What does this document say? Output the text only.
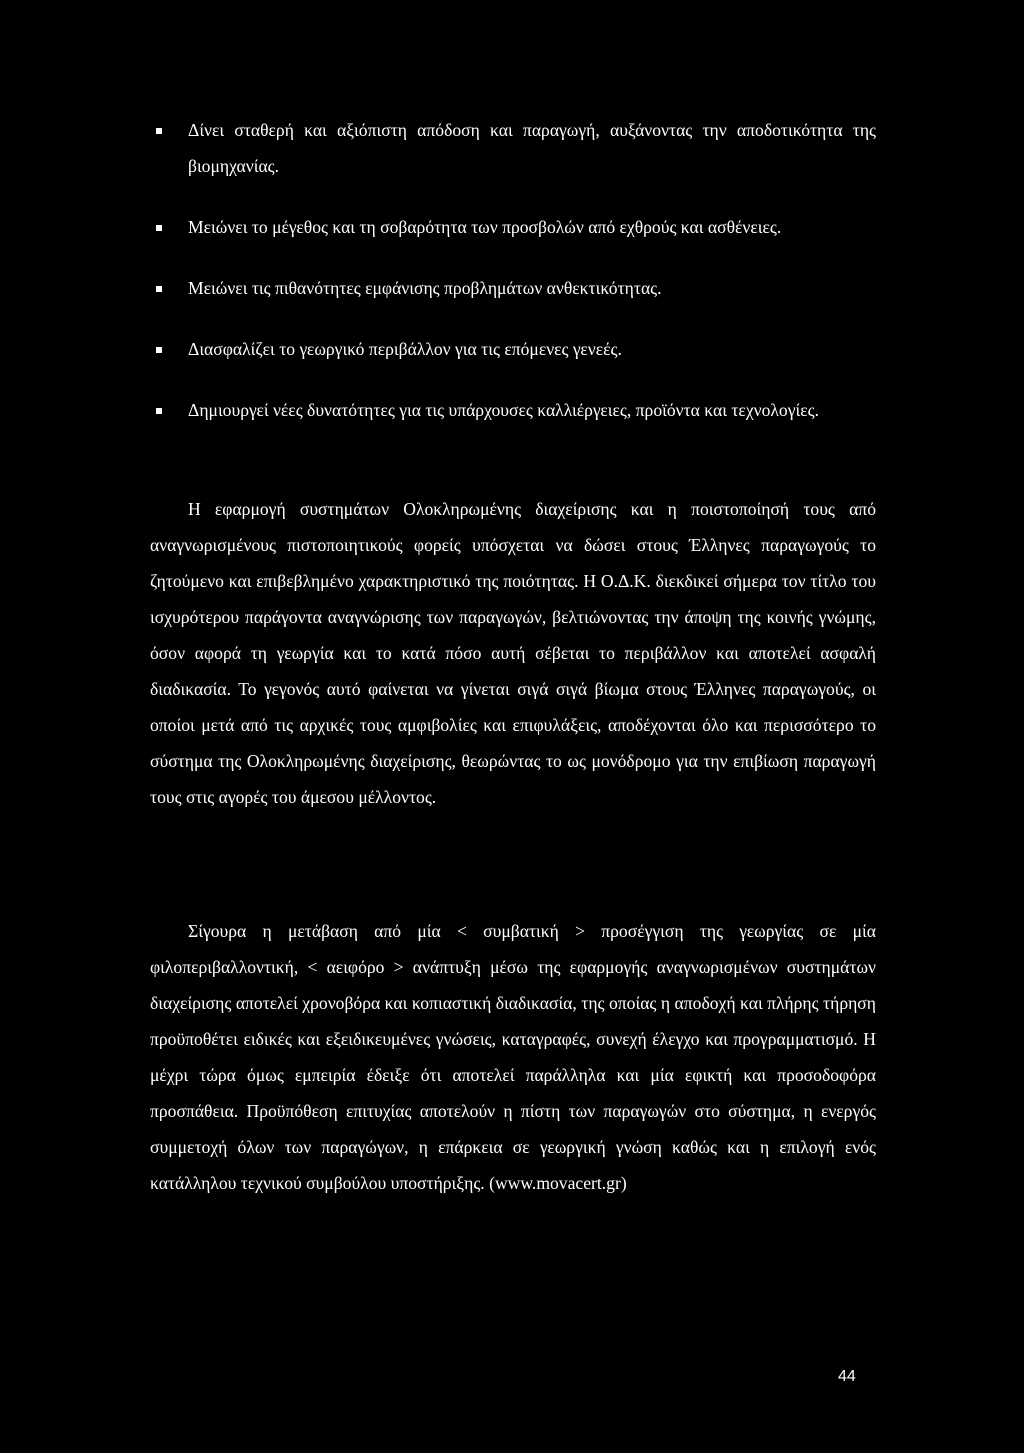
Δίνει σταθερή και αξιόπιστη απόδοση και παραγωγή, αυξάνοντας την αποδοτικότητα της βιομηχανίας.
Μειώνει το μέγεθος και τη σοβαρότητα των προσβολών από εχθρούς και ασθένειες.
Μειώνει τις πιθανότητες εμφάνισης προβλημάτων ανθεκτικότητας.
Διασφαλίζει το γεωργικό περιβάλλον για τις επόμενες γενεές.
Δημιουργεί νέες δυνατότητες για τις υπάρχουσες καλλιέργειες, προϊόντα και τεχνολογίες.

Η εφαρμογή συστημάτων Ολοκληρωμένης διαχείρισης και η ποιστοποίησή τους από αναγνωρισμένους πιστοποιητικούς φορείς υπόσχεται να δώσει στους Έλληνες παραγωγούς το ζητούμενο και επιβεβλημένο χαρακτηριστικό της ποιότητας. Η Ο.Δ.Κ. διεκδικεί σήμερα τον τίτλο του ισχυρότερου παράγοντα αναγνώρισης των παραγωγών, βελτιώνοντας την άποψη της κοινής γνώμης, όσον αφορά τη γεωργία και το κατά πόσο αυτή σέβεται το περιβάλλον και αποτελεί ασφαλή διαδικασία. Το γεγονός αυτό φαίνεται να γίνεται σιγά σιγά βίωμα στους Έλληνες παραγωγούς, οι οποίοι μετά από τις αρχικές τους αμφιβολίες και επιφυλάξεις, αποδέχονται όλο και περισσότερο το σύστημα της Ολοκληρωμένης διαχείρισης, θεωρώντας το ως μονόδρομο για την επιβίωση παραγωγή τους στις αγορές του άμεσου μέλλοντος.

Σίγουρα η μετάβαση από μία < συμβατική > προσέγγιση της γεωργίας σε μία φιλοπεριβαλλοντική, < αειφόρο > ανάπτυξη μέσω της εφαρμογής αναγνωρισμένων συστημάτων διαχείρισης αποτελεί χρονοβόρα και κοπιαστική διαδικασία, της οποίας η αποδοχή και πλήρης τήρηση προϋποθέτει ειδικές και εξειδικευμένες γνώσεις, καταγραφές, συνεχή έλεγχο και προγραμματισμό. Η μέχρι τώρα όμως εμπειρία έδειξε ότι αποτελεί παράλληλα και μία εφικτή και προσοδοφόρα προσπάθεια. Προϋπόθεση επιτυχίας αποτελούν η πίστη των παραγωγών στο σύστημα, η ενεργός συμμετοχή όλων των παραγώγων, η επάρκεια σε γεωργική γνώση καθώς και η επιλογή ενός κατάλληλου τεχνικού συμβούλου υποστήριξης. (www.movacert.gr)

44
